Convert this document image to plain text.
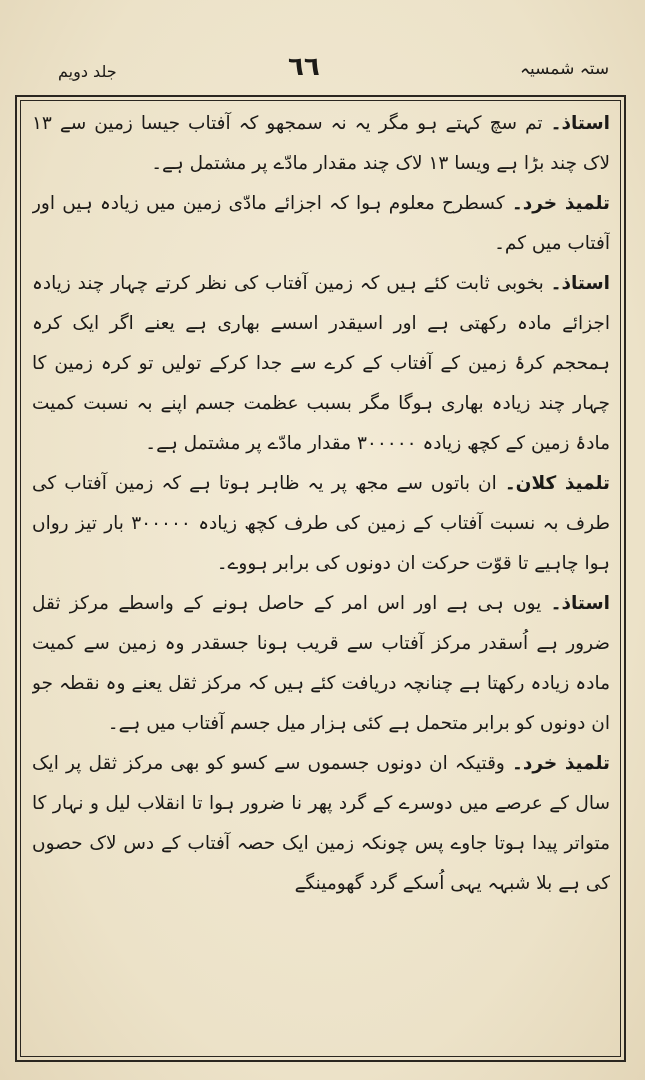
جلد دویم	٦٦	ستہ شمسیہ

استاذ۔ تم سچ کہتے ہو مگر یہ نہ سمجھو کہ آفتاب جیسا زمین سے ۱۳ لاک چند بڑا ہے ویسا ۱۳ لاک چند مقدار مادّے پر مشتمل ہے۔

تلمیذ خرد۔ کسطرح معلوم ہوا کہ اجزائے مادّی زمین میں زیادہ ہیں اور آفتاب میں کم۔

استاذ۔ بخوبی ثابت کئے ہیں کہ زمین آفتاب کی نظر کرتے چہار چند زیادہ اجزائے مادہ رکھتی ہے اور اسیقدر اسسے بھاری ہے یعنے اگر ایک کرہ ہمحجم کرۂ زمین کے آفتاب کے کرے سے جدا کرکے تولیں تو کرہ زمین کا چہار چند زیادہ بھاری ہوگا مگر بسبب عظمت جسم اپنے بہ نسبت کمیت مادۂ زمین کے کچھ زیادہ ۳۰۰۰۰۰ مقدار مادّے پر مشتمل ہے۔

تلمیذ کلان۔ ان باتوں سے مجھ پر یہ ظاہر ہوتا ہے کہ زمین آفتاب کی طرف بہ نسبت آفتاب کے زمین کی طرف کچھ زیادہ ۳۰۰۰۰۰ بار تیز رواں ہوا چاہیے تا قوّت حرکت ان دونوں کی برابر ہووے۔

استاذ۔ یوں ہی ہے اور اس امر کے حاصل ہونے کے واسطے مرکز ثقل ضرور ہے اُسقدر مرکز آفتاب سے قریب ہونا جسقدر وہ زمین سے کمیت مادہ زیادہ رکھتا ہے چنانچہ دریافت کئے ہیں کہ مرکز ثقل یعنے وہ نقطہ جو ان دونوں کو برابر متحمل ہے کئی ہزار میل جسم آفتاب میں ہے۔

تلمیذ خرد۔ وقتیکہ ان دونوں جسموں سے کسو کو بھی مرکز ثقل پر ایک سال کے عرصے میں دوسرے کے گرد پھر نا ضرور ہوا تا انقلاب لیل و نہار کا متواتر پیدا ہوتا جاوے پس چونکہ زمین ایک حصہ آفتاب کے دس لاک حصوں کی ہے بلا شبہہ یہی اُسکے گرد گھومینگے
